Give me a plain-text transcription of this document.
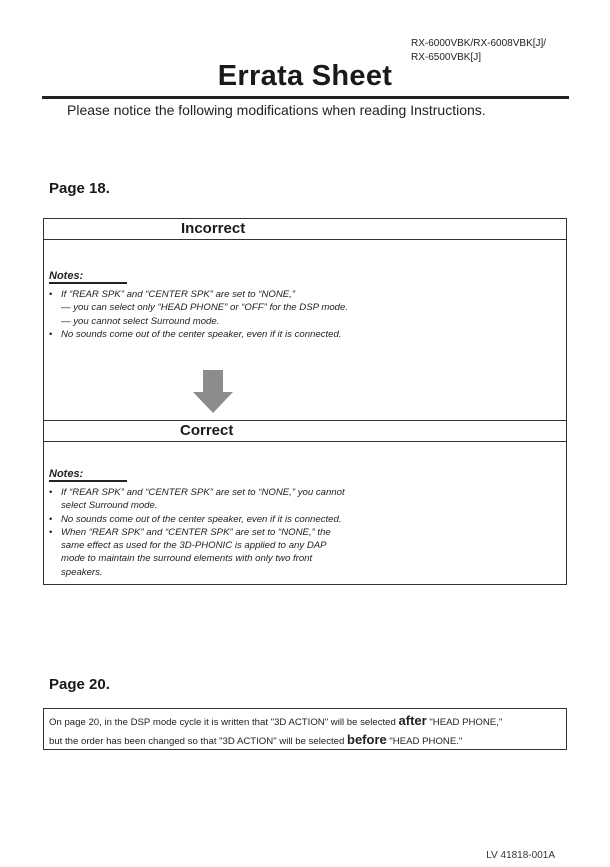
RX-6000VBK/RX-6008VBK[J]/
RX-6500VBK[J]
Errata Sheet
Please notice the following modifications when reading Instructions.
Page 18.
Incorrect
Notes:
• If “REAR SPK” and “CENTER SPK” are set to “NONE,”
— you can select only “HEAD PHONE” or “OFF” for the DSP mode.
— you cannot select Surround mode.
• No sounds come out of the center speaker, even if it is connected.
Correct
Notes:
• If “REAR SPK” and “CENTER SPK” are set to “NONE,” you cannot
select Surround mode.
• No sounds come out of the center speaker, even if it is connected.
• When “REAR SPK” and “CENTER SPK” are set to “NONE,” the
same effect as used for the 3D-PHONIC is applied to any DAP
mode to maintain the surround elements with only two front
speakers.
Page 20.
On page 20, in the DSP mode cycle it is written that "3D ACTION" will be selected after "HEAD PHONE,"
but the order has been changed so that "3D ACTION" will be selected before "HEAD PHONE."
LV 41818-001A
